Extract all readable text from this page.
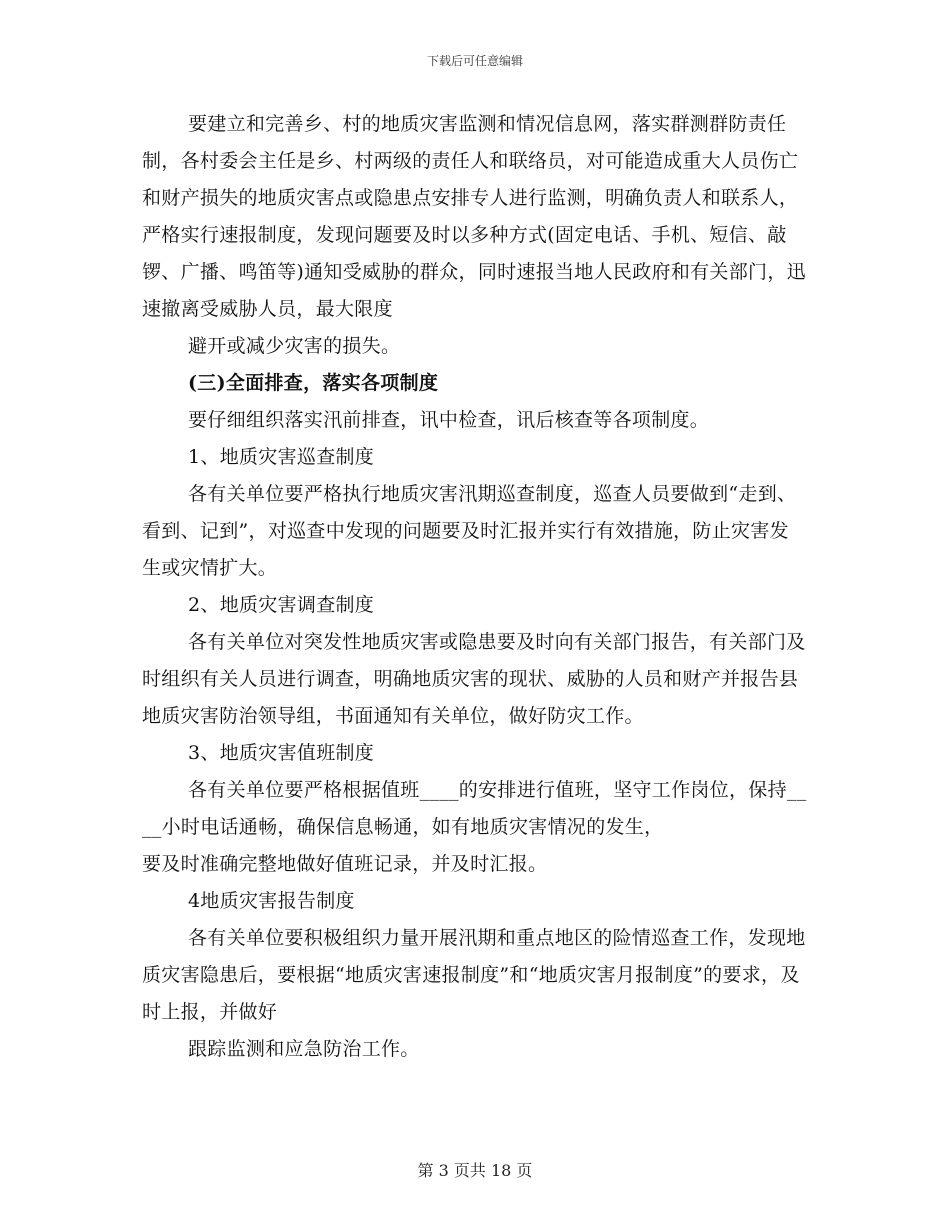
下载后可任意编辑

要建立和完善乡、村的地质灾害监测和情况信息网，落实群测群防责任制，各村委会主任是乡、村两级的责任人和联络员，对可能造成重大人员伤亡和财产损失的地质灾害点或隐患点安排专人进行监测，明确负责人和联系人，严格实行速报制度，发现问题要及时以多种方式(固定电话、手机、短信、敲锣、广播、鸣笛等)通知受威胁的群众，同时速报当地人民政府和有关部门，迅速撤离受威胁人员，最大限度

避开或减少灾害的损失。

(三)全面排查，落实各项制度

要仔细组织落实汛前排查，讯中检查，讯后核查等各项制度。

1、地质灾害巡查制度

各有关单位要严格执行地质灾害汛期巡查制度，巡查人员要做到“走到、看到、记到”，对巡查中发现的问题要及时汇报并实行有效措施，防止灾害发生或灾情扩大。

2、地质灾害调查制度

各有关单位对突发性地质灾害或隐患要及时向有关部门报告，有关部门及时组织有关人员进行调查，明确地质灾害的现状、威胁的人员和财产并报告县地质灾害防治领导组，书面通知有关单位，做好防灾工作。

3、地质灾害值班制度

各有关单位要严格根据值班____的安排进行值班，坚守工作岗位，保持____小时电话通畅，确保信息畅通，如有地质灾害情况的发生，

要及时准确完整地做好值班记录，并及时汇报。

4地质灾害报告制度

各有关单位要积极组织力量开展汛期和重点地区的险情巡查工作，发现地质灾害隐患后，要根据“地质灾害速报制度”和“地质灾害月报制度”的要求，及时上报，并做好

跟踪监测和应急防治工作。

第 3 页共 18 页
